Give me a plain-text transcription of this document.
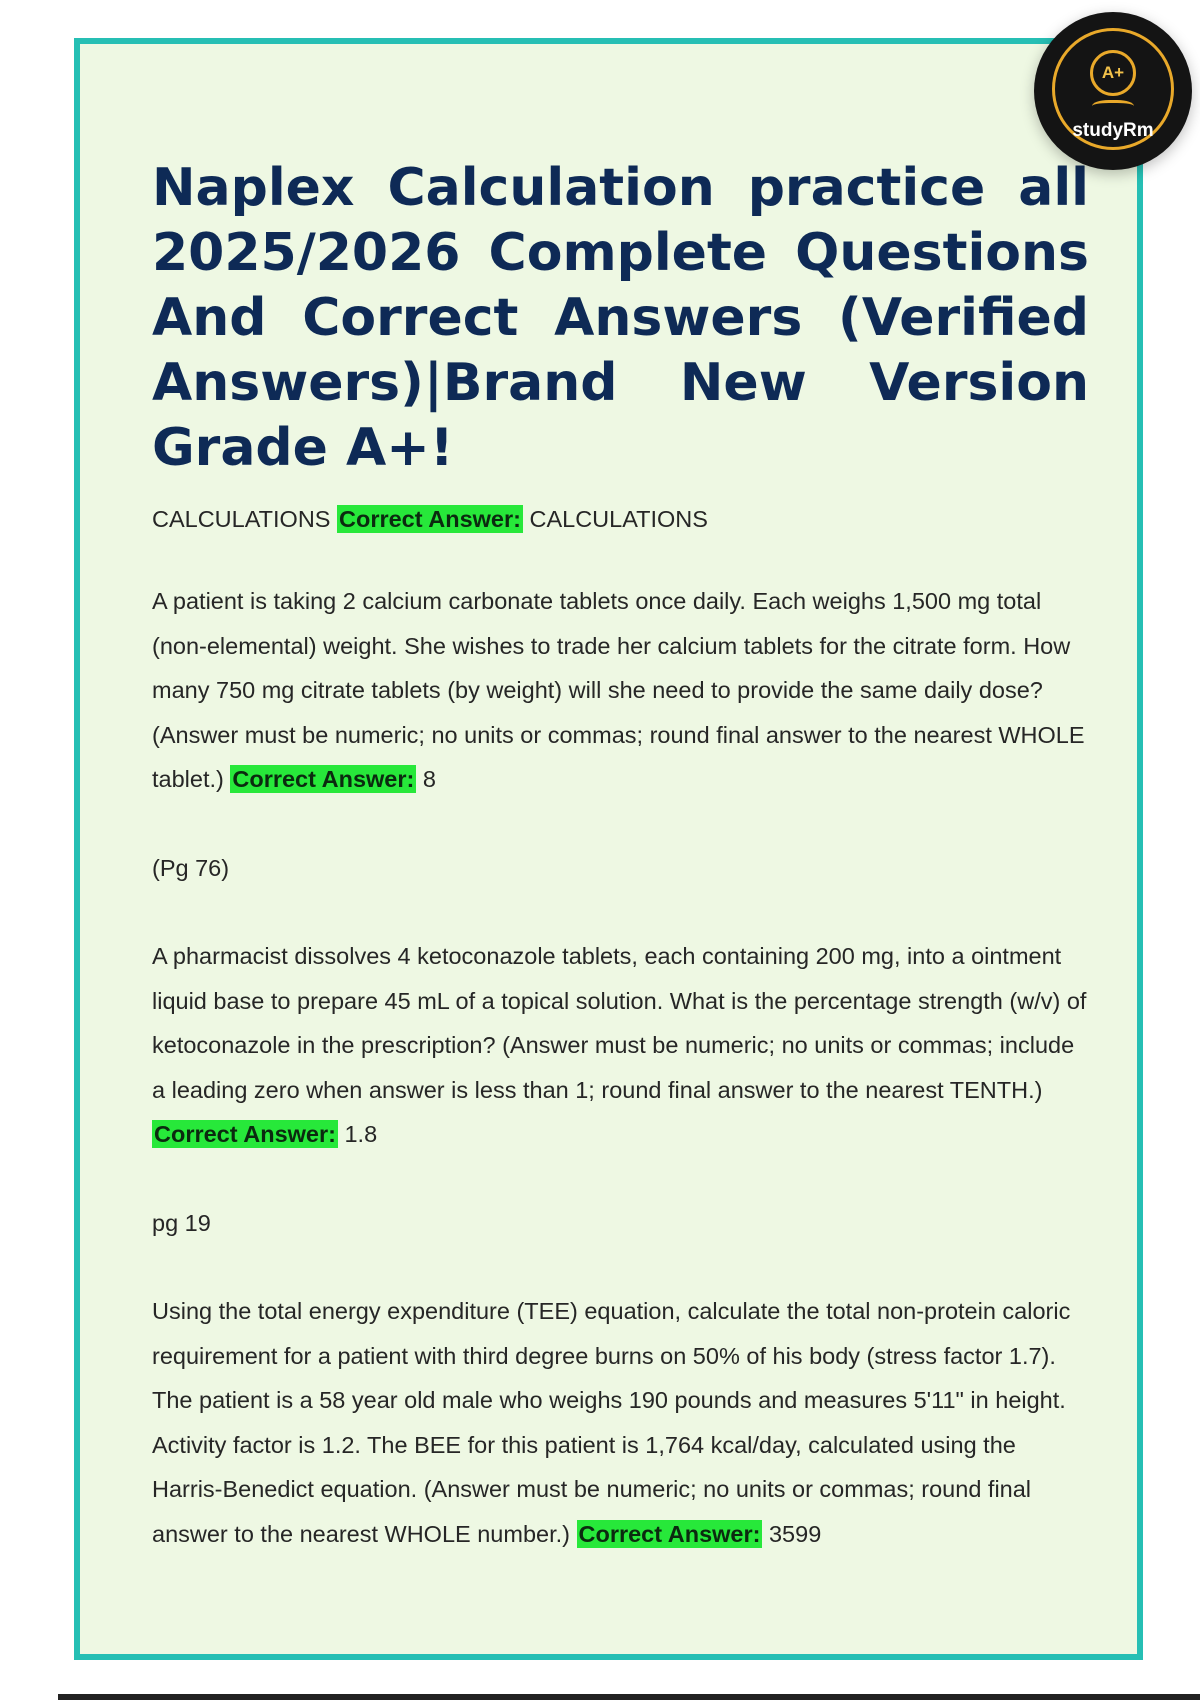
Naplex Calculation practice all 2025/2026 Complete Questions And Correct Answers (Verified Answers)|Brand New Version Grade A+!

CALCULATIONS Correct Answer: CALCULATIONS

A patient is taking 2 calcium carbonate tablets once daily. Each weighs 1,500 mg total (non-elemental) weight. She wishes to trade her calcium tablets for the citrate form. How many 750 mg citrate tablets (by weight) will she need to provide the same daily dose? (Answer must be numeric; no units or commas; round final answer to the nearest WHOLE tablet.) Correct Answer: 8

(Pg 76)

A pharmacist dissolves 4 ketoconazole tablets, each containing 200 mg, into a ointment liquid base to prepare 45 mL of a topical solution. What is the percentage strength (w/v) of ketoconazole in the prescription? (Answer must be numeric; no units or commas; include a leading zero when answer is less than 1; round final answer to the nearest TENTH.) Correct Answer: 1.8

pg 19

Using the total energy expenditure (TEE) equation, calculate the total non-protein caloric requirement for a patient with third degree burns on 50% of his body (stress factor 1.7). The patient is a 58 year old male who weighs 190 pounds and measures 5'11" in height. Activity factor is 1.2. The BEE for this patient is 1,764 kcal/day, calculated using the Harris-Benedict equation. (Answer must be numeric; no units or commas; round final answer to the nearest WHOLE number.) Correct Answer: 3599

A+
studyRm
